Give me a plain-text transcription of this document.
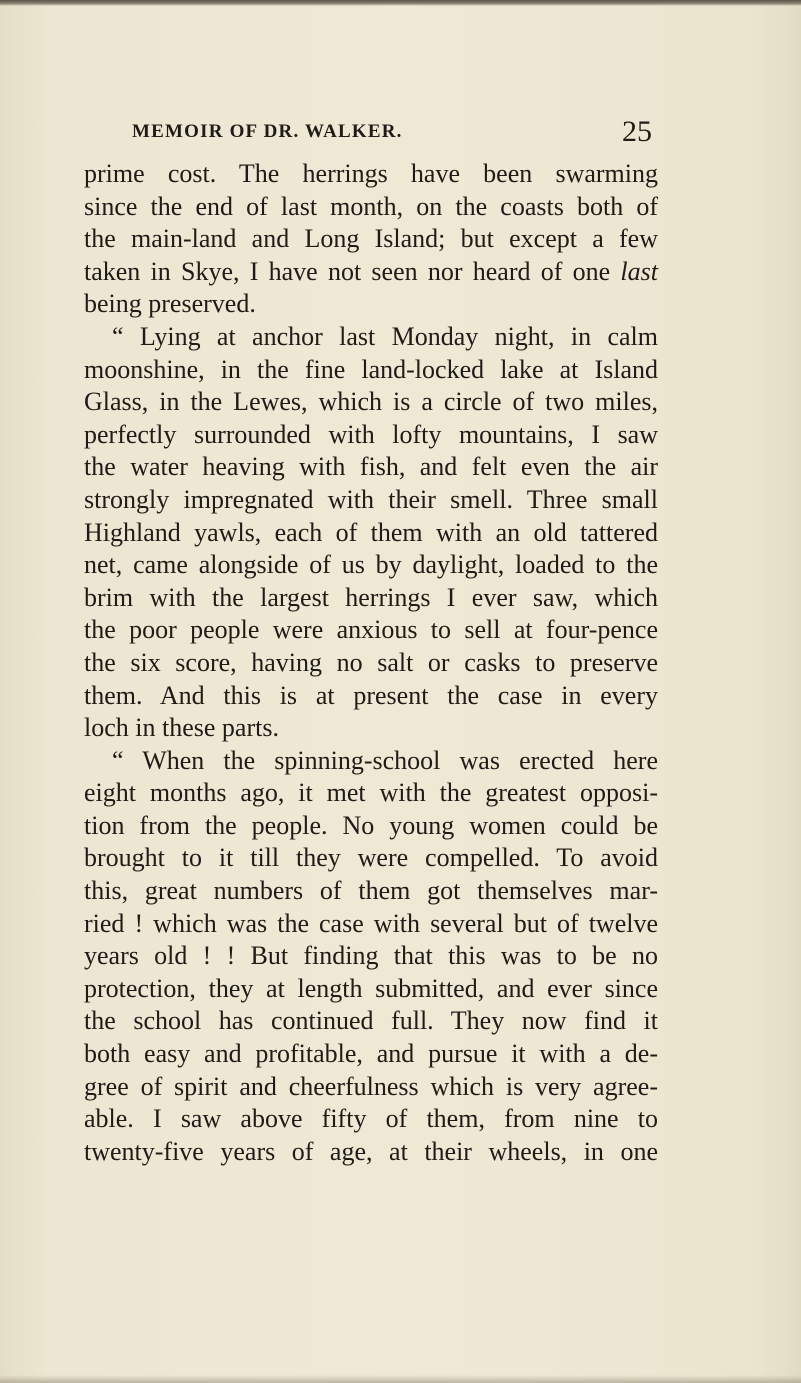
MEMOIR OF DR. WALKER.	25
prime cost. The herrings have been swarming
since the end of last month, on the coasts both of
the main-land and Long Island; but except a few
taken in Skye, I have not seen nor heard of one last
being preserved.
“ Lying at anchor last Monday night, in calm
moonshine, in the fine land-locked lake at Island
Glass, in the Lewes, which is a circle of two miles,
perfectly surrounded with lofty mountains, I saw
the water heaving with fish, and felt even the air
strongly impregnated with their smell. Three small
Highland yawls, each of them with an old tattered
net, came alongside of us by daylight, loaded to the
brim with the largest herrings I ever saw, which
the poor people were anxious to sell at four-pence
the six score, having no salt or casks to preserve
them. And this is at present the case in every
loch in these parts.
“ When the spinning-school was erected here
eight months ago, it met with the greatest opposi-
tion from the people. No young women could be
brought to it till they were compelled. To avoid
this, great numbers of them got themselves mar-
ried ! which was the case with several but of twelve
years old ! ! But finding that this was to be no
protection, they at length submitted, and ever since
the school has continued full. They now find it
both easy and profitable, and pursue it with a de-
gree of spirit and cheerfulness which is very agree-
able. I saw above fifty of them, from nine to
twenty-five years of age, at their wheels, in one
